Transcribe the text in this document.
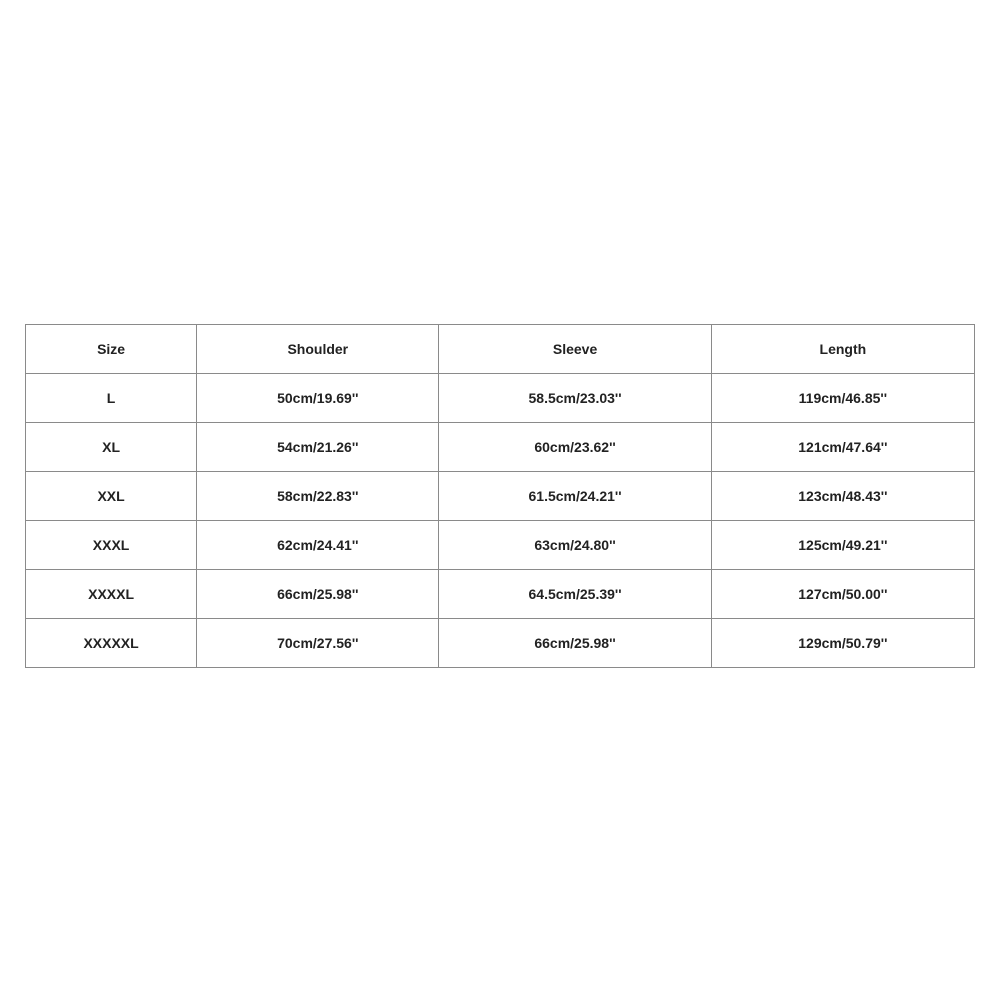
Size	Shoulder	Sleeve	Length
L	50cm/19.69''	58.5cm/23.03''	119cm/46.85''
XL	54cm/21.26''	60cm/23.62''	121cm/47.64''
XXL	58cm/22.83''	61.5cm/24.21''	123cm/48.43''
XXXL	62cm/24.41''	63cm/24.80''	125cm/49.21''
XXXXL	66cm/25.98''	64.5cm/25.39''	127cm/50.00''
XXXXXL	70cm/27.56''	66cm/25.98''	129cm/50.79''
